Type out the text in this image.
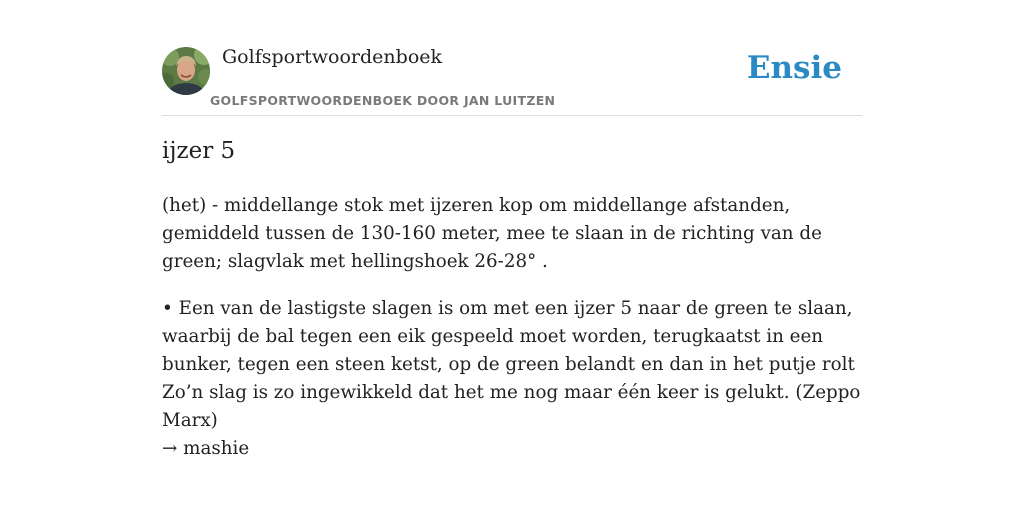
Golfsportwoordenboek
GOLFSPORTWOORDENBOEK DOOR JAN LUITZEN
Ensie
ijzer 5

(het) - middellange stok met ijzeren kop om middellange afstanden, gemiddeld tussen de 130-160 meter, mee te slaan in de richting van de green; slagvlak met hellingshoek 26-28° .

• Een van de lastigste slagen is om met een ijzer 5 naar de green te slaan, waarbij de bal tegen een eik gespeeld moet worden, terugkaatst in een bunker, tegen een steen ketst, op de green belandt en dan in het putje rolt Zo’n slag is zo ingewikkeld dat het me nog maar één keer is gelukt. (Zeppo Marx)

→ mashie
